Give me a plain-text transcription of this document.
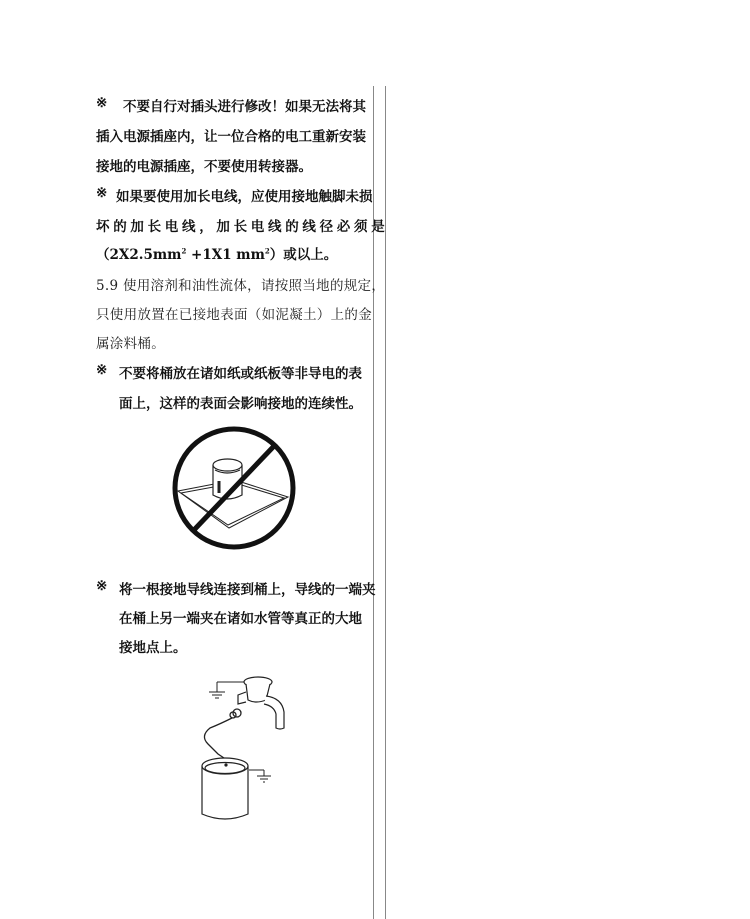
※ 不要自行对插头进行修改！如果无法将其
插入电源插座内，让一位合格的电工重新安装
接地的电源插座，不要使用转接器。
※ 如果要使用加长电线，应使用接地触脚未损
坏 的 加 长 电 线 ， 加 长 电 线 的 线 径 必 须 是
（$2X2.5mm^2 +1X1$ $mm^2$）或以上。
5.9 使用溶剂和油性流体，请按照当地的规定，
只使用放置在已接地表面（如泥凝土）上的金
属涂料桶。
※ 不要将桶放在诸如纸或纸板等非导电的表
面上，这样的表面会影响接地的连续性。
※ 将一根接地导线连接到桶上，导线的一端夹
在桶上另一端夹在诸如水管等真正的大地
接地点上。
